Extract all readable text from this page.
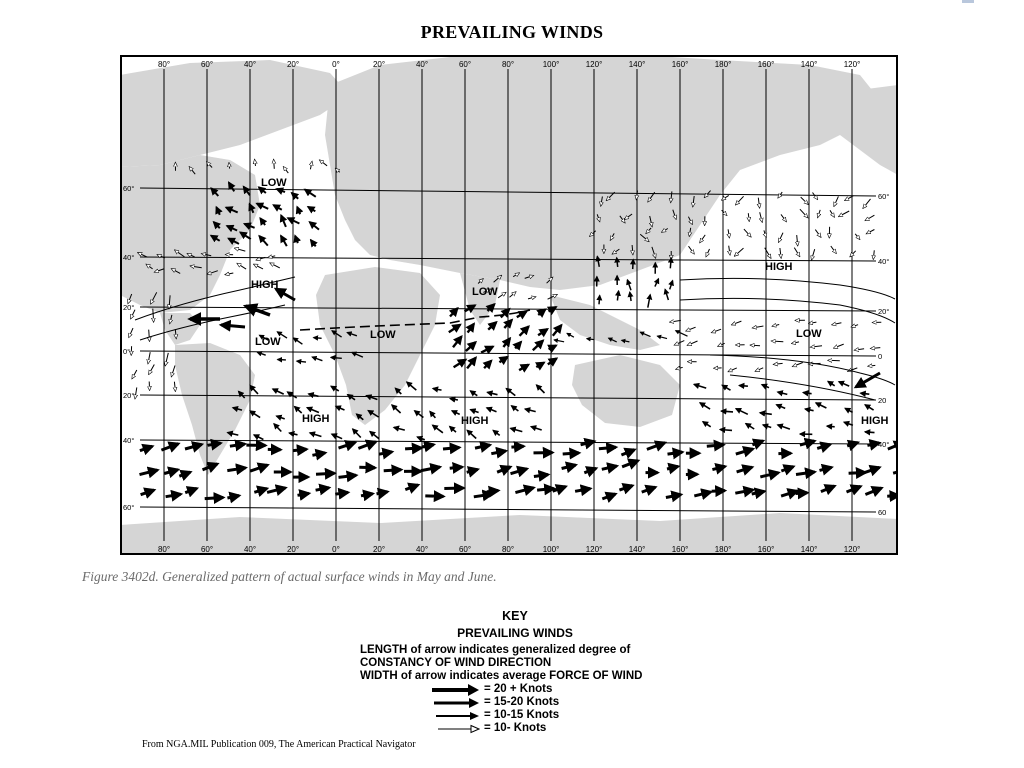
PREVAILING WINDS
80°
80°
60°
60°
40°
40°
20°
20°
0°
0°
20°
20°
40°
40°
60°
60°
80°
80°
100°
100°
120°
120°
140°
140°
160°
160°
180°
180°
160°
160°
140°
140°
120°
120°
60°
60°
40°	40°
20°	20°
0°
0
20°
20
40°	40°
60°
60
LOW
HIGH
LOW
LOW
LOW
HIGH	HIGH
HIGH
LOW
HIGH
Figure 3402d. Generalized pattern of actual surface winds in May and June.
KEY
PREVAILING WINDS
LENGTH of arrow indicates generalized degree of
CONSTANCY OF WIND DIRECTION
WIDTH of arrow indicates average FORCE OF WIND
= 20 + Knots
= 15-20 Knots
= 10-15 Knots
= 10- Knots
From NGA.MIL Publication 009, The American Practical Navigator
